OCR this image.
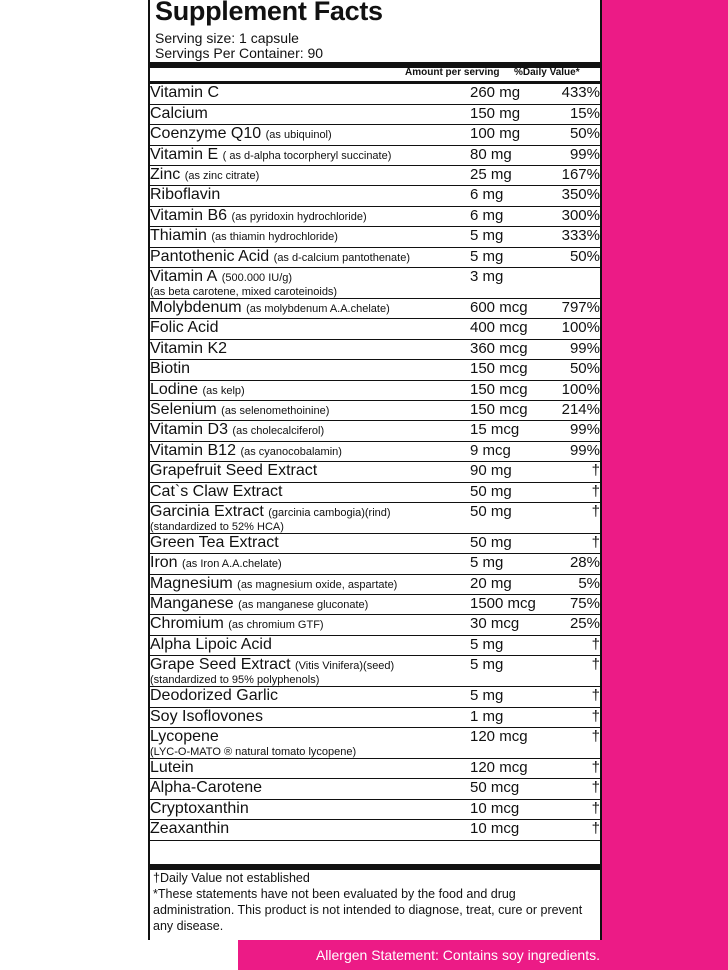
Allergen Statement: Contains soy ingredients.
Supplement Facts
Serving size: 1 capsule
Servings Per Container: 90
Amount per serving %Daily Value*
Vitamin C	260 mg	433%
Calcium	150 mg	15%
Coenzyme Q10 (as ubiquinol)	100 mg	50%
Vitamin E ( as d-alpha tocorpheryl succinate)	80 mg	99%
Zinc (as zinc citrate)	25 mg	167%
Riboflavin	6 mg	350%
Vitamin B6 (as pyridoxin hydrochloride)	6 mg	300%
Thiamin (as thiamin hydrochloride)	5 mg	333%
Pantothenic Acid (as d-calcium pantothenate)	5 mg	50%
Vitamin A (500.000 IU/g)
(as beta carotene, mixed caroteinoids)	3 mg	
Molybdenum (as molybdenum A.A.chelate)	600 mcg	797%
Folic Acid	400 mcg	100%
Vitamin K2	360 mcg	99%
Biotin	150 mcg	50%
Lodine (as kelp)	150 mcg	100%
Selenium (as selenomethoinine)	150 mcg	214%
Vitamin D3 (as cholecalciferol)	15 mcg	99%
Vitamin B12 (as cyanocobalamin)	9 mcg	99%
Grapefruit Seed Extract	90 mg	†
Cat`s Claw Extract	50 mg	†
Garcinia Extract (garcinia cambogia)(rind)
(standardized to 52% HCA)	50 mg	†
Green Tea Extract	50 mg	†
Iron (as Iron A.A.chelate)	5 mg	28%
Magnesium (as magnesium oxide, aspartate)	20 mg	5%
Manganese (as manganese gluconate)	1500 mcg	75%
Chromium (as chromium GTF)	30 mcg	25%
Alpha Lipoic Acid	5 mg	†
Grape Seed Extract (Vitis Vinifera)(seed)
(standardized to 95% polyphenols)	5 mg	†
Deodorized Garlic	5 mg	†
Soy Isoflovones	1 mg	†
Lycopene
(LYC-O-MATO ® natural tomato lycopene)	120 mcg	†
Lutein	120 mcg	†
Alpha-Carotene	50 mcg	†
Cryptoxanthin	10 mcg	†
Zeaxanthin	10 mcg	†
†Daily Value not established
*These statements have not been evaluated by the food and drug administration. This product is not intended to diagnose, treat, cure or prevent any disease.
